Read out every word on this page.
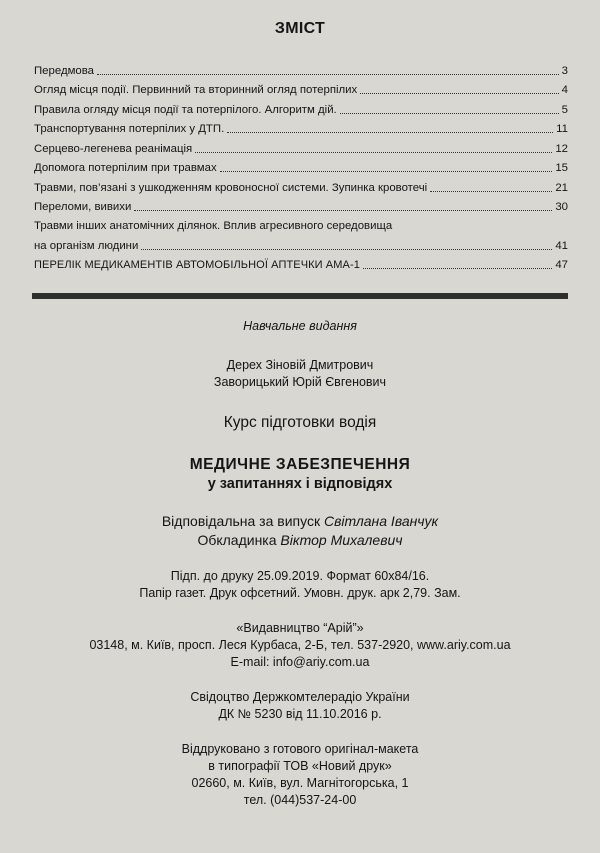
ЗМІСТ
Передмова	3
Огляд місця події. Первинний та вторинний огляд потерпілих	4
Правила огляду місця події та потерпілого. Алгоритм дій.	5
Транспортування потерпілих у ДТП.	11
Серцево-легенева реанімація	12
Допомога потерпілим при травмах	15
Травми, пов’язані з ушкодженням кровоносної системи. Зупинка кровотечі	21
Переломи, вивихи	30
Травми інших анатомічних ділянок. Вплив агресивного середовища
на організм людини	41
ПЕРЕЛІК МЕДИКАМЕНТІВ АВТОМОБІЛЬНОЇ АПТЕЧКИ АМА-1	47
Навчальне видання
Дерех Зіновій Дмитрович
Заворицький Юрій Євгенович
Курс підготовки водія
МЕДИЧНЕ ЗАБЕЗПЕЧЕННЯ
у запитаннях і відповідях
Відповідальна за випуск Світлана Іванчук
Обкладинка Віктор Михалевич
Підп. до друку 25.09.2019. Формат 60x84/16.
Папір газет. Друк офсетний. Умовн. друк. арк 2,79. Зам.
«Видавництво “Арій”»
03148, м. Київ, просп. Леся Курбаса, 2-Б, тел. 537-2920, www.ariy.com.ua
E-mail: info@ariy.com.ua
Свідоцтво Держкомтелерадіо України
ДК № 5230 від 11.10.2016 р.
Віддруковано з готового оригінал-макета
в типографії ТОВ «Новий друк»
02660, м. Київ, вул. Магнітогорська, 1
тел. (044)537-24-00
